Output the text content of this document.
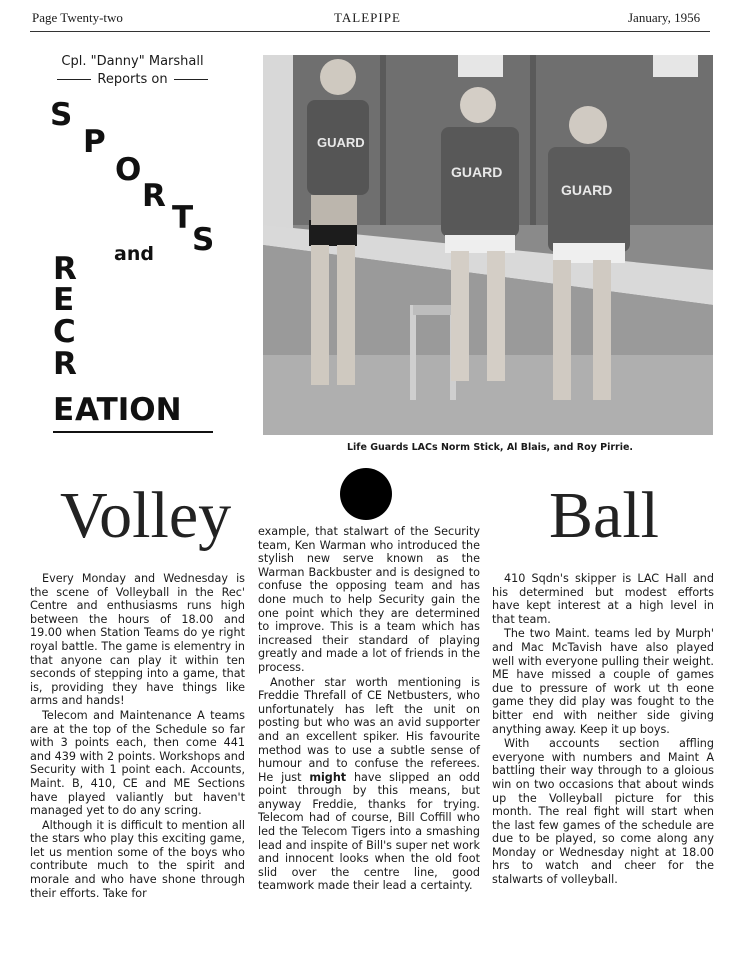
Page Twenty-two	TALEPIPE	January, 1956
Cpl. "Danny" Marshall
Reports on
S
P
O
R
T
S
and
R
E
C
R
E ATION
GUARD
GUARD
GUARD
Life Guards LACs Norm Stick, Al Blais, and Roy Pirrie.
Volley	Ball

Every Monday and Wednesday is the scene of Volleyball in the Rec' Centre and enthusiasms runs high between the hours of 18.00 and 19.00 when Station Teams do ye right royal battle. The game is elementry in that anyone can play it within ten seconds of stepping into a game, that is, providing they have things like arms and hands!

Telecom and Maintenance A teams are at the top of the Schedule so far with 3 points each, then come 441 and 439 with 2 points. Workshops and Security with 1 point each. Accounts, Maint. B, 410, CE and ME Sections have played valiantly but haven't managed yet to do any scring.

Although it is difficult to mention all the stars who play this exciting game, let us mention some of the boys who contribute much to the spirit and morale and who have shone through their efforts. Take for

example, that stalwart of the Security team, Ken Warman who introduced the stylish new serve known as the Warman Backbuster and is designed to confuse the opposing team and has done much to help Security gain the one point which they are determined to improve. This is a team which has increased their standard of playing greatly and made a lot of friends in the process.

Another star worth mentioning is Freddie Threfall of CE Netbusters, who unfortunately has left the unit on posting but who was an avid supporter and an excellent spiker. His favourite method was to use a subtle sense of humour and to confuse the referees. He just might have slipped an odd point through by this means, but anyway Freddie, thanks for trying. Telecom had of course, Bill Coffill who led the Telecom Tigers into a smashing lead and inspite of Bill's super net work and innocent looks when the old foot slid over the centre line, good teamwork made their lead a certainty.

410 Sqdn's skipper is LAC Hall and his determined but modest efforts have kept interest at a high level in that team.

The two Maint. teams led by Murph' and Mac McTavish have also played well with everyone pulling their weight. ME have missed a couple of games due to pressure of work ut th eone game they did play was fought to the bitter end with neither side giving anything away. Keep it up boys.

With accounts section affling everyone with numbers and Maint A battling their way through to a gloious win on two occasions that about winds up the Volleyball picture for this month. The real fight will start when the last few games of the schedule are due to be played, so come along any Monday or Wednesday night at 18.00 hrs to watch and cheer for the stalwarts of volleyball.
